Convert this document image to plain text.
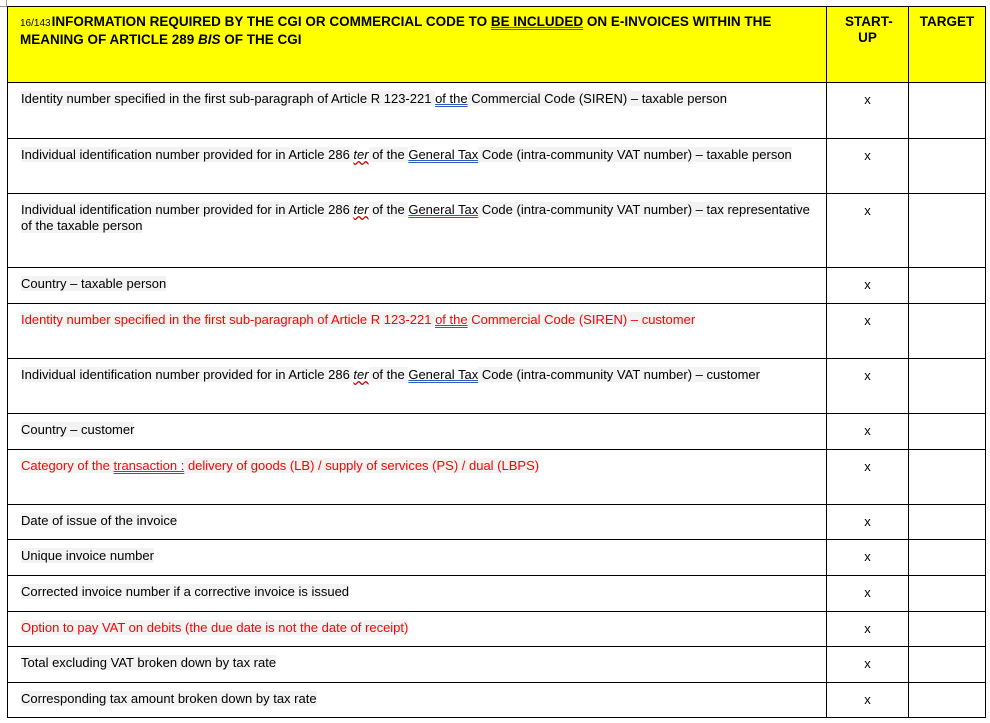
16/143INFORMATION REQUIRED BY THE CGI OR COMMERCIAL CODE TO BE INCLUDED ON E-INVOICES WITHIN THE MEANING OF ARTICLE 289 BIS OF THE CGI	START-UP	TARGET

Identity number specified in the first sub-paragraph of Article R 123-221 of the Commercial Code (SIREN) – taxable person	x	

Individual identification number provided for in Article 286 ter of the General Tax Code (intra-community VAT number) – taxable person	x	

Individual identification number provided for in Article 286 ter of the General Tax Code (intra-community VAT number) – tax representative of the taxable person	x	

Country – taxable person	x	

Identity number specified in the first sub-paragraph of Article R 123-221 of the Commercial Code (SIREN) – customer	x	

Individual identification number provided for in Article 286 ter of the General Tax Code (intra-community VAT number) – customer	x	

Country – customer	x	

Category of the transaction : delivery of goods (LB) / supply of services (PS) / dual (LBPS)	x	

Date of issue of the invoice	x	

Unique invoice number	x	

Corrected invoice number if a corrective invoice is issued	x	

Option to pay VAT on debits (the due date is not the date of receipt)	x	

Total excluding VAT broken down by tax rate	x	

Corresponding tax amount broken down by tax rate	x	
